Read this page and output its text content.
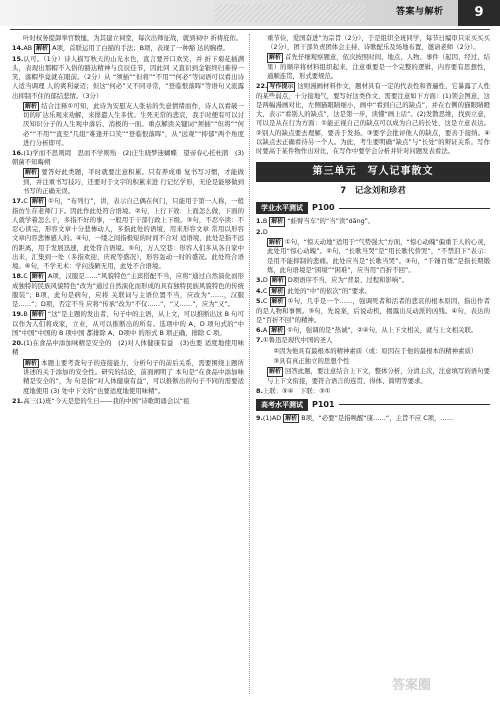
答案与解析	9
叶时权务提卸举官数恤，为其建立祠堂，每次出师征战，就到祠中 祈祷庇佑。
14.AB 解析 A项，首联运用了白描的手法；B项，表现了一种豁 达的胸襟。
15.认可。（1分）诗人描写秋天的山光水色，直言要开口欢笑，并 折下菊花插满头，表现出那帽不入俗的豁达精神与良辰佳节，因此同 又直识到金银终归难得一笑，落帽毕竟就在眼前。（2分）从 “须插”“但将”“不用”“何必”等词语可以看出诗人适当调理 人的爽利豪迈；但这“何必”又不同寻常，“登临恨落晖”等语句又流露 出抑制不住的郁结悲情。（3分）
解析 结合注释①可知，此诗为安慰友人张祜的失意情绪而作，诗人以看破一切的旷达乐观来劝解，来排遣人生多忧。生死无常的悲哀，我手时便有可以讨厌知识分子的人生观中落后、消极的一面。重点解读关键词“须插”“但将”“何必”“不用”“直至”几组“难逢开口笑”“登临恨落晖”，从“远观”“抑郁”两个角度进行分析即可。
16.(1)学而不思则罔　思而不学则殆　(2)庄生晓梦迷蝴蝶　望帝春心托杜鹃　(3)朝菌不知晦朔
解析 要答好此类题，平时就要注意积累。只有养成重 复书写习惯，才能做到，并注重书写技巧，还要对于文字的积累来进 行记忆学形，无论是能够做到书写的正确无误。
17.C 解析 ①句，“布列行”，讲，表示自己偶在何门，只能用于第一人称，一般指仿生在老师门下。因此作此处符合语境。②句，上行下效：上面怎么做，下面的人就学着怎么干，多指不好的事，一般用于干部行政上下级。③句，不忍卒读：不忍心读完，形容文章十分悲惨动人，多指此处的语境，用来形容文章 常用以形容文章内容悲惨感人的。④句，一缕之间指极短的时间不合对 适语境，此处是指不远的距离，用于发展迅速，此处符合语境。⑤句，万人空巷：形容人们多从各自家中出来，汇集到一处（多指欢迎、庆祝等盛况），形容轰动一时的盛况。此处符合语境。⑥句，不学无术：学问浅陋无用，此处不合语境。
18.C 解析 A项，汉服是……“风貌特色”主宾搭配不当，应将“通过自然演化而形成独特的民族风貌特色”改为“通过自然演化而形成的具有独特民族风貌特色的传统服装”；B项，此句是病句，应将 关联词与主语位置不当，应改为“……，汉服是……”；D项，否定不当 应将“传承”改为“不仅……”，“又……”，应为“又”。
19.B 解析 “这”是主题的发出者，句子中的主语，从上文，可以推断出这 B 句可以作为人们将成家，立业，从可以推断出的所有。选项中的 A、D 项句式的“中国”中国”中国的 B 项中国 都排除 A、D项中 的形式 B 项正确，排除 C 项。
20.(1)在食品中添加味精是安全的　(2)对人体健康有益　(3)也要 适度地使用味精
解析 本题主要考查句子的连接能力，分析句子的前后关系，需要围绕主题所讲述的关于添加的安全性。研究的结论，前面阐明了 本句是“在食品中添加味精是安全的”，为 句是指“对人体健康有益”，可以推断出的句子不同的需要适度地使用 (3) 处中下文的“也要适度地使用味精”。
21.高三(1)班“今天是您的生日——我的中国”诗歌朗诵会以“祖
重节俭，爱国奋进”为宗旨（2分），于是组织全班同学，每节日编审只采买买买（2分），团干部负责团体会主持、诗歌配乐及场地布置，邀请老师（2分）。
解析 首先仔细观察题意，依次按照时间、地点、人物、事件（起因、经过、结果）的顺序将材料组织起来，注意重要是一个完整的逻辑，内容要有思想性，通顺连贯，形式要规范。
22. 写作提示 这则漫画材料作文，题材具有一定的代表性和普遍性，它暴露了人性的某些弱点，十分接地气，要写好这类作文，需要注意如下方面：(1)领会图意，这是两幅漫画对比，左侧猫眼睛细小，画中“看到自己的缺点”，并在右侧的猫眼睛瞪大，表示“看别人的缺点”，这是第一步，读懂“画上话”。(2)发散思维，找到立意，可以是从在行为方面：①能正视自己的缺点可以成为自己的长处，这是立意表达。②别人的缺点要去理解，要善于发扬。③要学会批评他人的缺点，要善于接纳。④以缺点去正确看待另一个人。为此，考生要明确“缺点”与“长处”的辩证关系。写作时要高于某件物作出对比，在写作中要学会分析并针对问题发表看法。
第三单元　写人记事散文
7　记念刘和珍君
学业水平测试	P100
1.B 解析 “蛙臂当车”的“当”读“dāng”。
2.D
解析 ①句，“惊天动地”适用于“气势强大”方面，“惊心动魄”偏重于人的心灵，此处用“惊心动魄”。②句，“长歌当哭”是“用长歌代替哭”，“不禁泪下”表示：是用不能抑制的悲痛。此处应当是“长歌当哭”。③句，“千锤百炼”是指长期锻炼，此句语境是“困境”“困难”，应当用“百折不回”。
3.D 解析 D项语序不当，应为“背景、过程和影响”。
4.C 解析 此处的“中”的依次“的”要求。
5.C 解析 ①句，几乎是一个……，强调死者和活者的悲哀的根本原因，指出作者的是人物和事例。③句，先说案，后说动机，揭露出反动派的凶残。④句，表达的是“百折不回”的精神。
6.A 解析 ①句，强调的是“热诚”，②④句，从上下文相关，就与上文相关联。
7.①鲁迅是现代中国的圣人
　②因为他具有最根本的精神素质（或：原因在于他的最根本的精神素质）
　③具有真正独立的思想个性
解析 回答此题，要注意结合上下文，整体分析，分清主次，注意填写的语句要与上下文衔接，要符合语言的连贯、得体、简明等要求。
8.上联：⑤④　下联：③①
高考水平测试	P101
9.(1)AD 解析 B项，“必要”是指唤醒“康……“，主旨不应 C项，……
答案圈
